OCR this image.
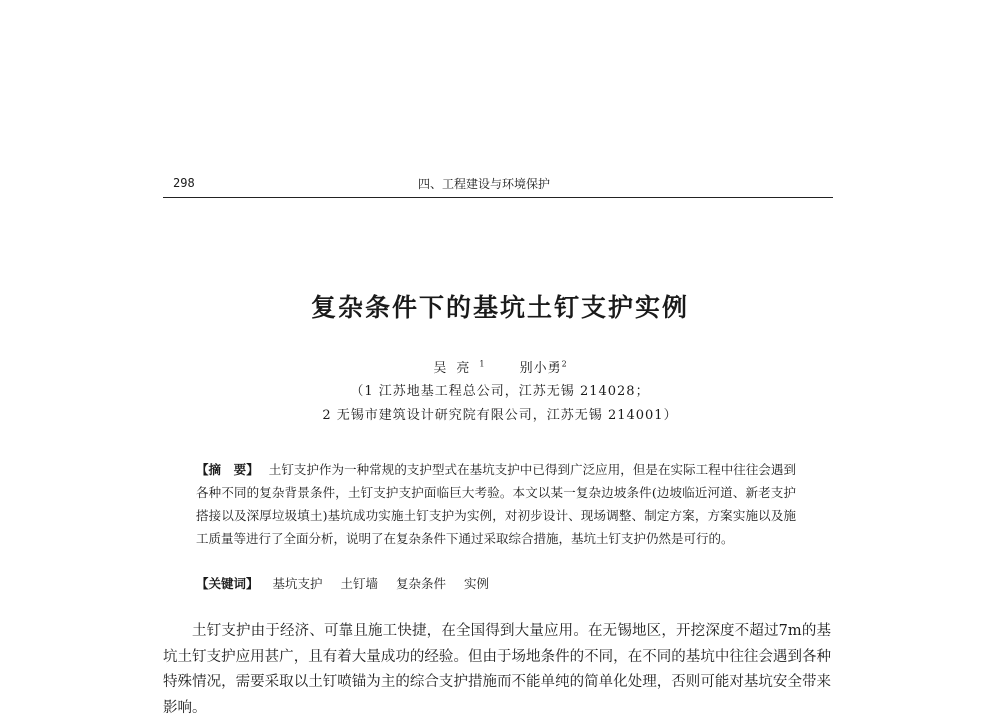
298	四、工程建设与环境保护
复杂条件下的基坑土钉支护实例
吴亮$^1$	别小勇$^2$
（1 江苏地基工程总公司，江苏无锡 214028；
2 无锡市建筑设计研究院有限公司，江苏无锡 214001）
【摘　要】 土钉支护作为一种常规的支护型式在基坑支护中已得到广泛应用，但是在实际工程中往往会遇到各种不同的复杂背景条件，土钉支护支护面临巨大考验。本文以某一复杂边坡条件(边坡临近河道、新老支护搭接以及深厚垃圾填土)基坑成功实施土钉支护为实例，对初步设计、现场调整、制定方案，方案实施以及施工质量等进行了全面分析，说明了在复杂条件下通过采取综合措施，基坑土钉支护仍然是可行的。
【关键词】 基坑支护 土钉墙 复杂条件 实例
土钉支护由于经济、可靠且施工快捷，在全国得到大量应用。在无锡地区，开挖深度不超过7m的基坑土钉支护应用甚广，且有着大量成功的经验。但由于场地条件的不同，在不同的基坑中往往会遇到各种特殊情况，需要采取以土钉喷锚为主的综合支护措施而不能单纯的简单化处理，否则可能对基坑安全带来影响。
